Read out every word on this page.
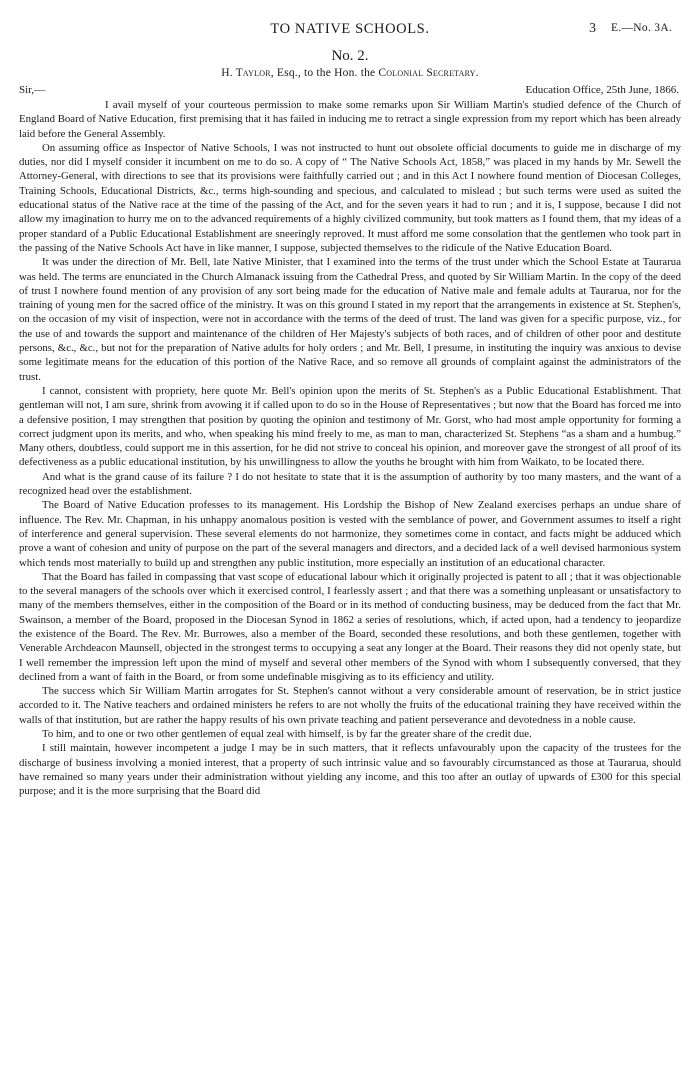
TO NATIVE SCHOOLS.	3 E.—No. 3A.
No. 2.
H. Taylor, Esq., to the Hon. the Colonial Secretary.
Sir,—	Education Office, 25th June, 1866.

I avail myself of your courteous permission to make some remarks upon Sir William Martin's studied defence of the Church of England Board of Native Education, first premising that it has failed in inducing me to retract a single expression from my report which has been already laid before the General Assembly.

On assuming office as Inspector of Native Schools, I was not instructed to hunt out obsolete official documents to guide me in discharge of my duties, nor did I myself consider it incumbent on me to do so. A copy of “ The Native Schools Act, 1858,” was placed in my hands by Mr. Sewell the Attorney-General, with directions to see that its provisions were faithfully carried out ; and in this Act I nowhere found mention of Diocesan Colleges, Training Schools, Educational Districts, &c., terms high-sounding and specious, and calculated to mislead ; but such terms were used as suited the educational status of the Native race at the time of the passing of the Act, and for the seven years it had to run ; and it is, I suppose, because I did not allow my imagination to hurry me on to the advanced requirements of a highly civilized community, but took matters as I found them, that my ideas of a proper standard of a Public Educational Establishment are sneeringly reproved. It must afford me some consolation that the gentlemen who took part in the passing of the Native Schools Act have in like manner, I suppose, subjected themselves to the ridicule of the Native Education Board.

It was under the direction of Mr. Bell, late Native Minister, that I examined into the terms of the trust under which the School Estate at Taurarua was held. The terms are enunciated in the Church Almanack issuing from the Cathedral Press, and quoted by Sir William Martin. In the copy of the deed of trust I nowhere found mention of any provision of any sort being made for the education of Native male and female adults at Taurarua, nor for the training of young men for the sacred office of the ministry. It was on this ground I stated in my report that the arrangements in existence at St. Stephen's, on the occasion of my visit of inspection, were not in accordance with the terms of the deed of trust. The land was given for a specific purpose, viz., for the use of and towards the support and maintenance of the children of Her Majesty's subjects of both races, and of children of other poor and destitute persons, &c., &c., but not for the preparation of Native adults for holy orders ; and Mr. Bell, I presume, in instituting the inquiry was anxious to devise some legitimate means for the education of this portion of the Native Race, and so remove all grounds of complaint against the administrators of the trust.

I cannot, consistent with propriety, here quote Mr. Bell's opinion upon the merits of St. Stephen's as a Public Educational Establishment. That gentleman will not, I am sure, shrink from avowing it if called upon to do so in the House of Representatives ; but now that the Board has forced me into a defensive position, I may strengthen that position by quoting the opinion and testimony of Mr. Gorst, who had most ample opportunity for forming a correct judgment upon its merits, and who, when speaking his mind freely to me, as man to man, characterized St. Stephens “as a sham and a humbug.” Many others, doubtless, could support me in this assertion, for he did not strive to conceal his opinion, and moreover gave the strongest of all proof of its defectiveness as a public educational institution, by his unwillingness to allow the youths he brought with him from Waikato, to be located there.

And what is the grand cause of its failure ? I do not hesitate to state that it is the assumption of authority by too many masters, and the want of a recognized head over the establishment.

The Board of Native Education professes to its management. His Lordship the Bishop of New Zealand exercises perhaps an undue share of influence. The Rev. Mr. Chapman, in his unhappy anomalous position is vested with the semblance of power, and Government assumes to itself a right of interference and general supervision. These several elements do not harmonize, they sometimes come in contact, and facts might be adduced which prove a want of cohesion and unity of purpose on the part of the several managers and directors, and a decided lack of a well devised harmonious system which tends most materially to build up and strengthen any public institution, more especially an institution of an educational character.

That the Board has failed in compassing that vast scope of educational labour which it originally projected is patent to all ; that it was objectionable to the several managers of the schools over which it exercised control, I fearlessly assert ; and that there was a something unpleasant or unsatisfactory to many of the members themselves, either in the composition of the Board or in its method of conducting business, may be deduced from the fact that Mr. Swainson, a member of the Board, proposed in the Diocesan Synod in 1862 a series of resolutions, which, if acted upon, had a tendency to jeopardize the existence of the Board. The Rev. Mr. Burrowes, also a member of the Board, seconded these resolutions, and both these gentlemen, together with Venerable Archdeacon Maunsell, objected in the strongest terms to occupying a seat any longer at the Board. Their reasons they did not openly state, but I well remember the impression left upon the mind of myself and several other members of the Synod with whom I subsequently conversed, that they declined from a want of faith in the Board, or from some undefinable misgiving as to its efficiency and utility.

The success which Sir William Martin arrogates for St. Stephen's cannot without a very considerable amount of reservation, be in strict justice accorded to it. The Native teachers and ordained ministers he refers to are not wholly the fruits of the educational training they have received within the walls of that institution, but are rather the happy results of his own private teaching and patient perseverance and devotedness in a noble cause.

To him, and to one or two other gentlemen of equal zeal with himself, is by far the greater share of the credit due.

I still maintain, however incompetent a judge I may be in such matters, that it reflects unfavourably upon the capacity of the trustees for the discharge of business involving a monied interest, that a property of such intrinsic value and so favourably circumstanced as those at Taurarua, should have remained so many years under their administration without yielding any income, and this too after an outlay of upwards of £300 for this special purpose; and it is the more surprising that the Board did
